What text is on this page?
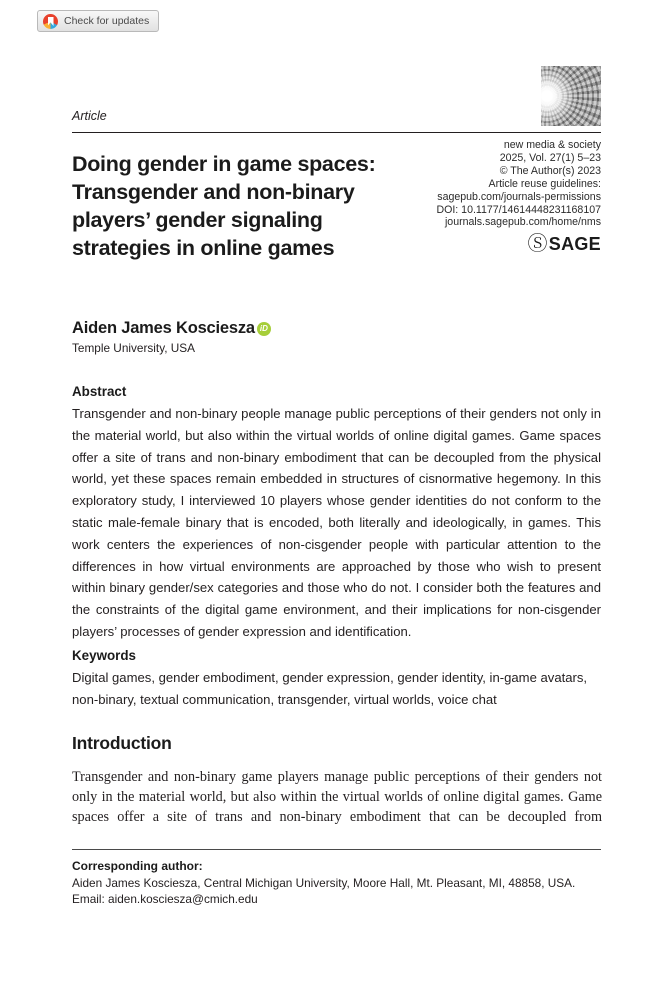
Check for updates
Article
Doing gender in game spaces:
Transgender and non-binary
players’ gender signaling
strategies in online games
new media & society
2025, Vol. 27(1) 5–23
© The Author(s) 2023
Article reuse guidelines:
sagepub.com/journals-permissions
DOI: 10.1177/14614448231168107
journals.sagepub.com/home/nms
Ⓢ SAGE
Aiden James Kosciesza iD
Temple University, USA
Abstract

Transgender and non-binary people manage public perceptions of their genders not only in the material world, but also within the virtual worlds of online digital games. Game spaces offer a site of trans and non-binary embodiment that can be decoupled from the physical world, yet these spaces remain embedded in structures of cisnormative hegemony. In this exploratory study, I interviewed 10 players whose gender identities do not conform to the static male-female binary that is encoded, both literally and ideologically, in games. This work centers the experiences of non-cisgender people with particular attention to the differences in how virtual environments are approached by those who wish to present within binary gender/sex categories and those who do not. I consider both the features and the constraints of the digital game environment, and their implications for non-cisgender players’ processes of gender expression and identification.

Keywords

Digital games, gender embodiment, gender expression, gender identity, in-game avatars, non-binary, textual communication, transgender, virtual worlds, voice chat

Introduction

Transgender and non-binary game players manage public perceptions of their genders not only in the material world, but also within the virtual worlds of online digital games. Game spaces offer a site of trans and non-binary embodiment that can be decoupled from

Corresponding author:

Aiden James Kosciesza, Central Michigan University, Moore Hall, Mt. Pleasant, MI, 48858, USA.

Email: aiden.kosciesza@cmich.edu
